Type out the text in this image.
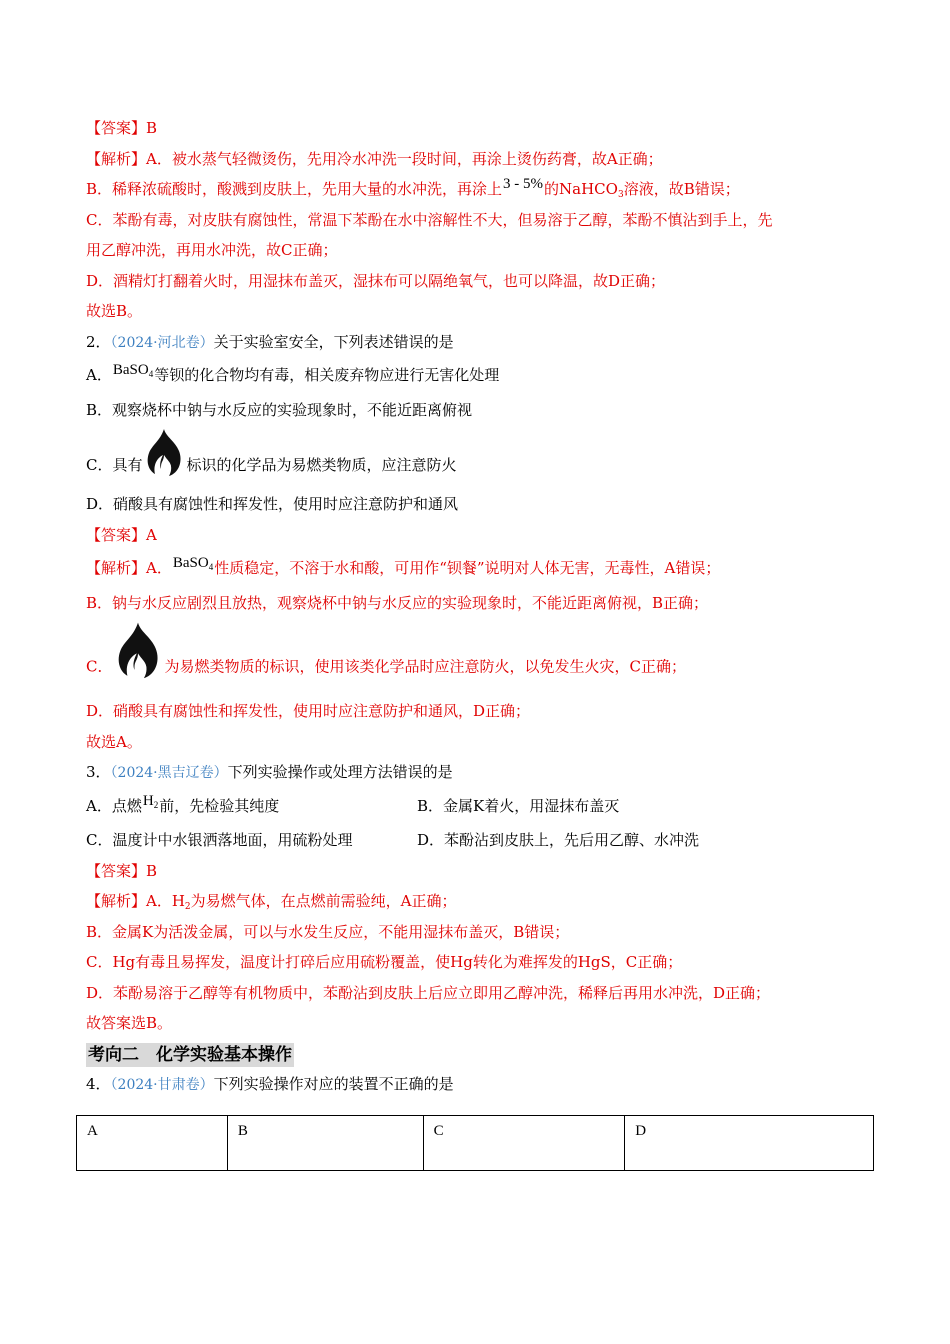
【答案】B
【解析】A．被水蒸气轻微烫伤，先用冷水冲洗一段时间，再涂上烫伤药膏，故A正确；
B．稀释浓硫酸时，酸溅到皮肤上，先用大量的水冲洗，再涂上3 - 5%的NaHCO$_3$溶液，故B错误；
C．苯酚有毒，对皮肤有腐蚀性，常温下苯酚在水中溶解性不大，但易溶于乙醇，苯酚不慎沾到手上，先
用乙醇冲洗，再用水冲洗，故C正确；
D．酒精灯打翻着火时，用湿抹布盖灭，湿抹布可以隔绝氧气，也可以降温，故D正确；
故选B。
2．（2024·河北卷）关于实验室安全，下列表述错误的是
A．BaSO$_4$等钡的化合物均有毒，相关废弃物应进行无害化处理
B．观察烧杯中钠与水反应的实验现象时，不能近距离俯视
C．具有	标识的化学品为易燃类物质，应注意防火
D．硝酸具有腐蚀性和挥发性，使用时应注意防护和通风
【答案】A
【解析】A．BaSO$_4$性质稳定，不溶于水和酸，可用作“钡餐”说明对人体无害，无毒性，A错误；
B．钠与水反应剧烈且放热，观察烧杯中钠与水反应的实验现象时，不能近距离俯视，B正确；
C．	为易燃类物质的标识，使用该类化学品时应注意防火，以免发生火灾，C正确；
D．硝酸具有腐蚀性和挥发性，使用时应注意防护和通风，D正确；
故选A。
3．（2024·黑吉辽卷）下列实验操作或处理方法错误的是
A．点燃$H_2$前，先检验其纯度	B．金属K着火，用湿抹布盖灭
C．温度计中水银洒落地面，用硫粉处理	D．苯酚沾到皮肤上，先后用乙醇、水冲洗
【答案】B
【解析】A．$H_2$为易燃气体，在点燃前需验纯，A正确；
B．金属K为活泼金属，可以与水发生反应，不能用湿抹布盖灭，B错误；
C．Hg有毒且易挥发，温度计打碎后应用硫粉覆盖，使Hg转化为难挥发的HgS，C正确；
D．苯酚易溶于乙醇等有机物质中，苯酚沾到皮肤上后应立即用乙醇冲洗，稀释后再用水冲洗，D正确；
故答案选B。
考向二　化学实验基本操作
4．（2024·甘肃卷）下列实验操作对应的装置不正确的是
A	B	C	D
